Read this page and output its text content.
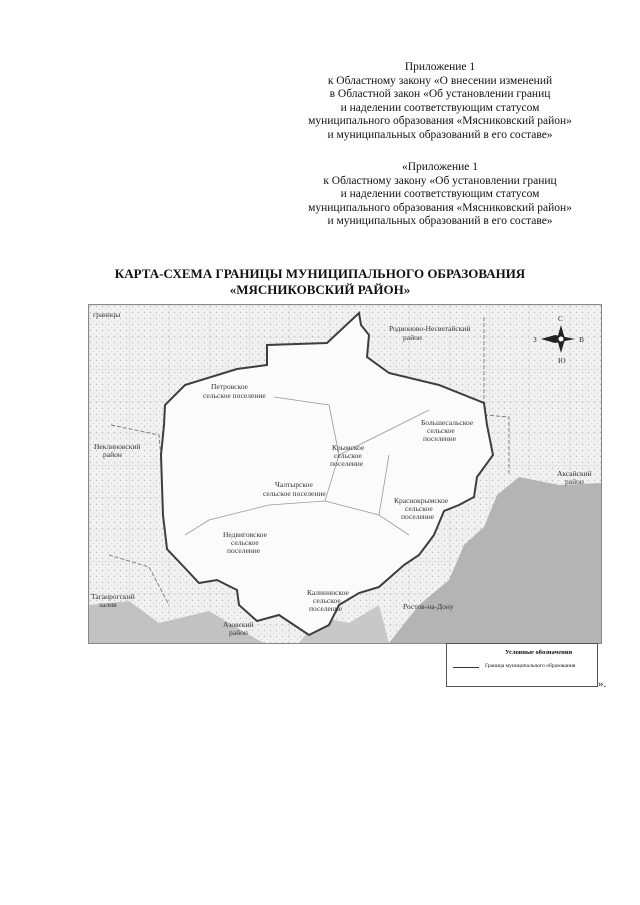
Приложение 1
к Областному закону «О внесении изменений
в Областной закон «Об установлении границ
и наделении соответствующим статусом
муниципального образования «Мясниковский район»
и муниципальных образований в его составе»
«Приложение 1
к Областному закону «Об установлении границ
и наделении соответствующим статусом
муниципального образования «Мясниковский район»
и муниципальных образований в его составе»
КАРТА-СХЕМА ГРАНИЦЫ МУНИЦИПАЛЬНОГО ОБРАЗОВАНИЯ
«МЯСНИКОВСКИЙ РАЙОН»
Петровское
сельское поселение
Большесальское
сельское
поселение
Крымское
сельское
поселение
Чалтырское
сельское поселение
Краснокрымское
сельское
поселение
Недвиговское
сельское
поселение
Калининское
сельское
поселение
Неклиновский
район
Родионово-Несветайский
район
Аксайский
район
Ростов-на-Дону
Таганрогский
залив
Азовский
район
границы	С
Ю
З	В
Условные обозначения
Граница муниципального образования
».
